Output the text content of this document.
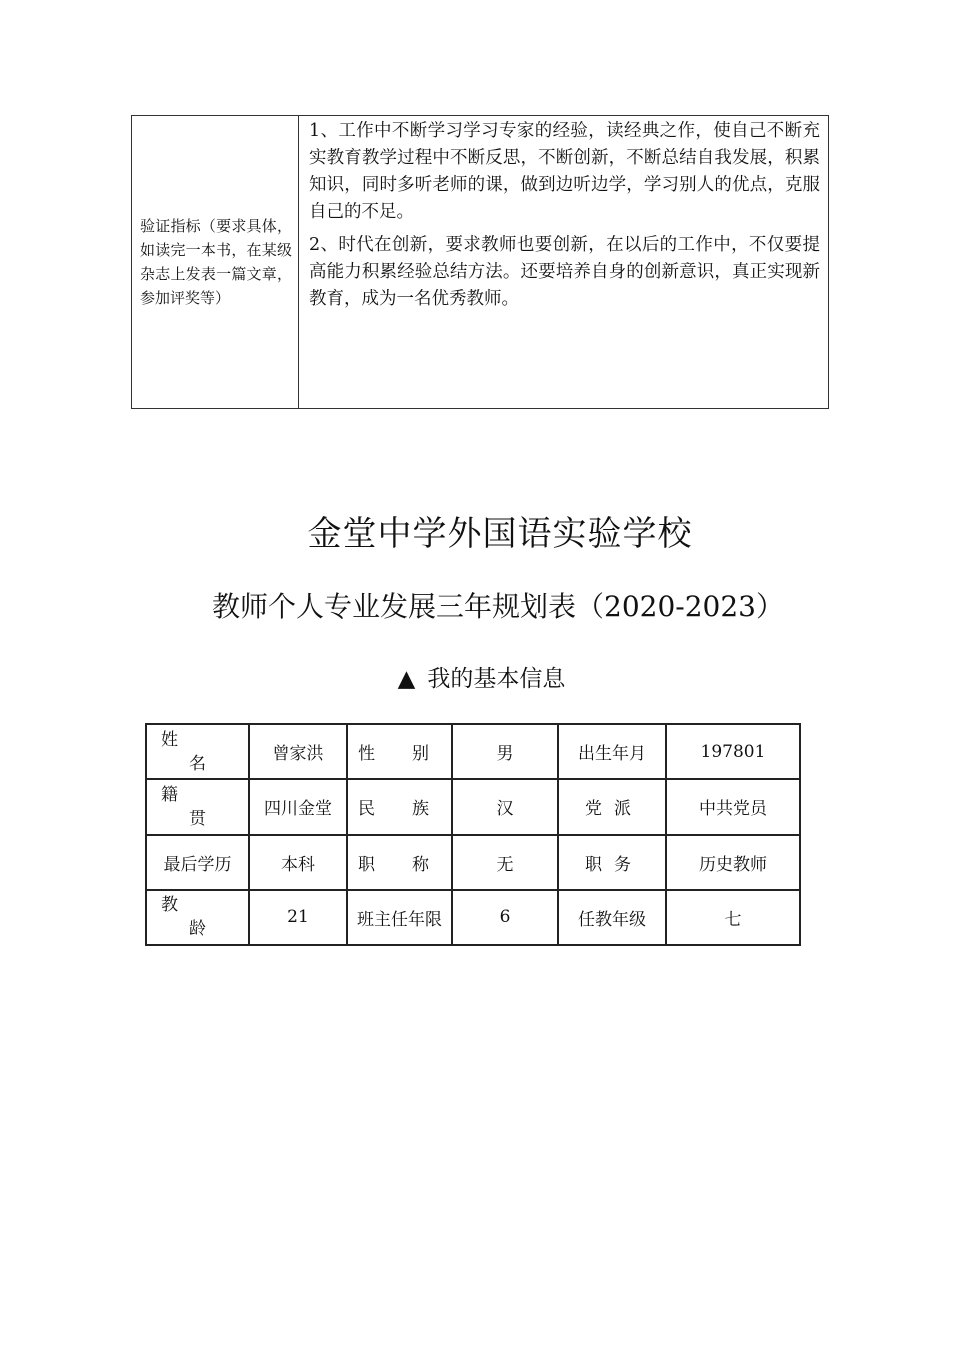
验证指标（要求具体，如读完一本书，在某级杂志上发表一篇文章，参加评奖等）	

1、工作中不断学习学习专家的经验，读经典之作，使自己不断充实教育教学过程中不断反思，不断创新，不断总结自我发展，积累知识，同时多听老师的课，做到边听边学，学习别人的优点，克服自己的不足。

2、时代在创新，要求教师也要创新，在以后的工作中，不仅要提高能力积累经验总结方法。还要培养自身的创新意识，真正实现新教育，成为一名优秀教师。

金堂中学外国语实验学校
教师个人专业发展三年规划表（2020-2023）
▲ 我的基本信息
姓
名	曾家洪	性别	男	出生年月	197801

籍
贯	四川金堂	民族	汉	党派	中共党员
最后学历	本科	职称	无	职务	历史教师

教
龄	21	班主任年限	6	任教年级	七
